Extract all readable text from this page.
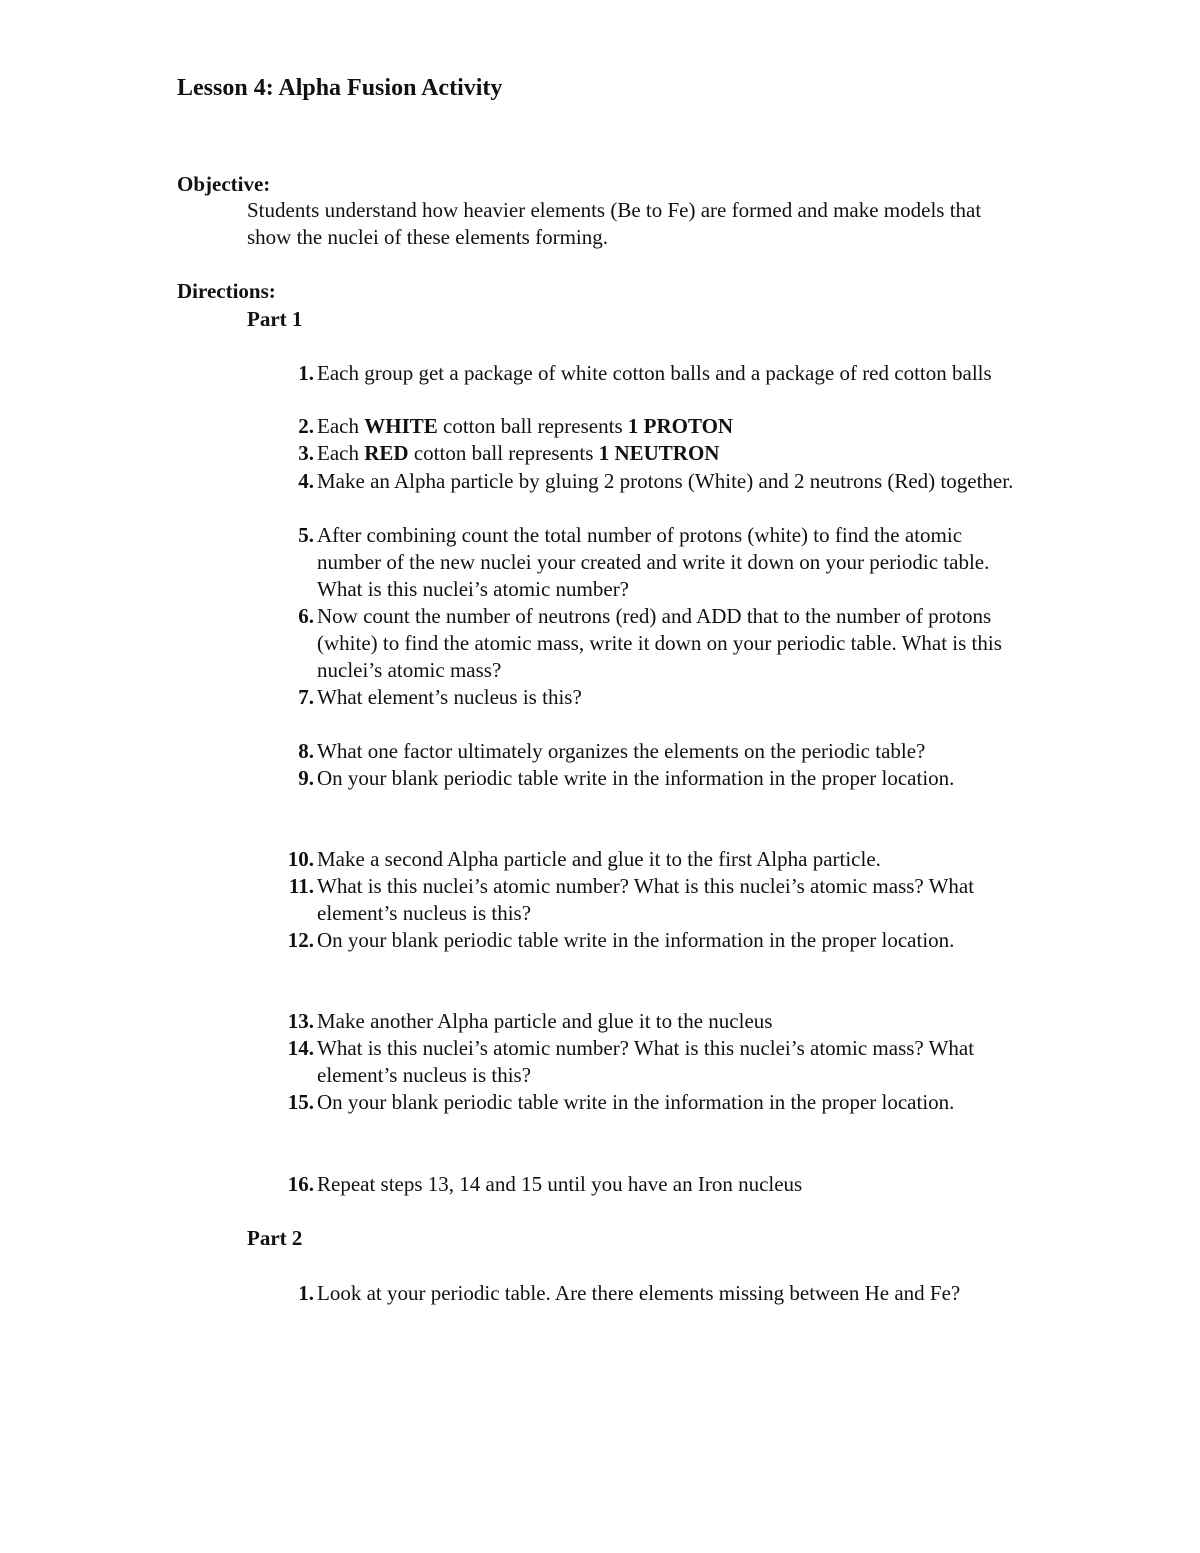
Lesson 4: Alpha Fusion Activity
Objective:

Students understand how heavier elements (Be to Fe) are formed and make models that show the nuclei of these elements forming.

Directions:
Part 1
1. Each group get a package of white cotton balls and a package of red cotton balls
2. Each WHITE cotton ball represents 1 PROTON
3. Each RED cotton ball represents 1 NEUTRON
4. Make an Alpha particle by gluing 2 protons (White) and 2 neutrons (Red) together.
5. After combining count the total number of protons (white) to find the atomic number of the new nuclei your created and write it down on your periodic table. What is this nuclei’s atomic number?
6. Now count the number of neutrons (red) and ADD that to the number of protons (white) to find the atomic mass, write it down on your periodic table. What is this nuclei’s atomic mass?
7. What element’s nucleus is this?
8. What one factor ultimately organizes the elements on the periodic table?
9. On your blank periodic table write in the information in the proper location.
10. Make a second Alpha particle and glue it to the first Alpha particle.
11. What is this nuclei’s atomic number? What is this nuclei’s atomic mass? What element’s nucleus is this?
12. On your blank periodic table write in the information in the proper location.
13. Make another Alpha particle and glue it to the nucleus
14. What is this nuclei’s atomic number? What is this nuclei’s atomic mass? What element’s nucleus is this?
15. On your blank periodic table write in the information in the proper location.
16. Repeat steps 13, 14 and 15 until you have an Iron nucleus
Part 2
1. Look at your periodic table. Are there elements missing between He and Fe?
